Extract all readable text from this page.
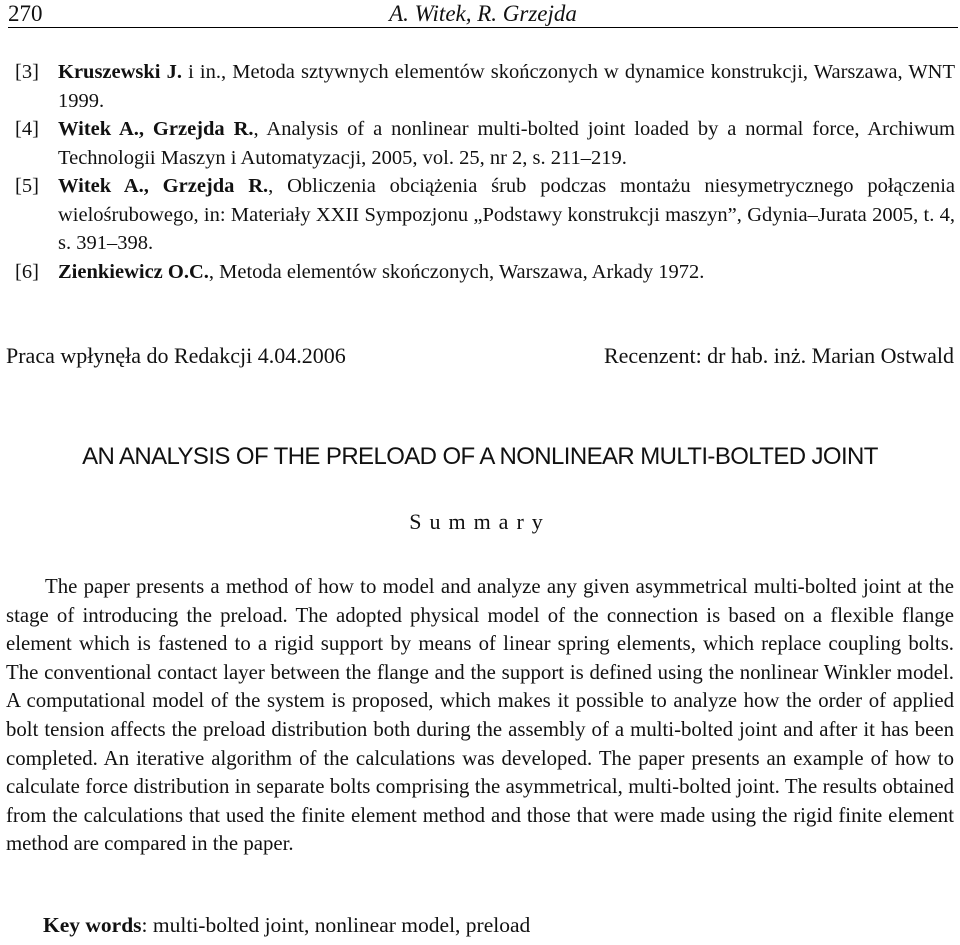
270	A. Witek, R. Grzejda
[3] Kruszewski J. i in., Metoda sztywnych elementów skończonych w dynamice konstrukcji, Warszawa, WNT 1999.
[4] Witek A., Grzejda R., Analysis of a nonlinear multi-bolted joint loaded by a normal force, Archiwum Technologii Maszyn i Automatyzacji, 2005, vol. 25, nr 2, s. 211–219.
[5] Witek A., Grzejda R., Obliczenia obciążenia śrub podczas montażu niesymetrycznego połączenia wielośrubowego, in: Materiały XXII Sympozjonu „Podstawy konstrukcji maszyn”, Gdynia–Jurata 2005, t. 4, s. 391–398.
[6] Zienkiewicz O.C., Metoda elementów skończonych, Warszawa, Arkady 1972.
Praca wpłynęła do Redakcji 4.04.2006	Recenzent: dr hab. inż. Marian Ostwald
AN ANALYSIS OF THE PRELOAD OF A NONLINEAR MULTI-BOLTED JOINT
Summary

The paper presents a method of how to model and analyze any given asymmetrical multi-bolted joint at the stage of introducing the preload. The adopted physical model of the connection is based on a flexible flange element which is fastened to a rigid support by means of linear spring elements, which replace coupling bolts. The conventional contact layer between the flange and the support is defined using the nonlinear Winkler model. A computational model of the system is proposed, which makes it possible to analyze how the order of applied bolt tension affects the preload distribution both during the assembly of a multi-bolted joint and after it has been completed. An iterative algorithm of the calculations was developed. The paper presents an example of how to calculate force distribution in separate bolts comprising the asymmetrical, multi-bolted joint. The results obtained from the calculations that used the finite element method and those that were made using the rigid finite element method are compared in the paper.

Key words: multi-bolted joint, nonlinear model, preload
